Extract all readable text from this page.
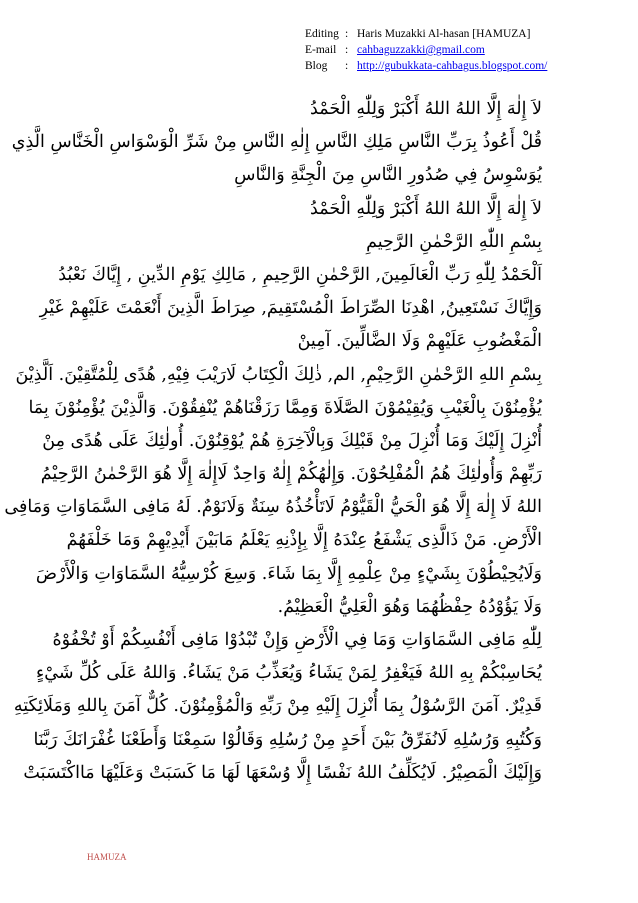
Editing : Haris Muzakki Al-hasan [HAMUZA]
E-mail : cahbaguzzakki@gmail.com
Blog	: http://gubukkata-cahbagus.blogspot.com/
لاَ إِلٰهَ إِلَّا اللهُ اللهُ أَكْبَرْ وَلِلّٰهِ الْحَمْدُ
قُلْ أَعُوذُ بِرَبِّ النَّاسِ مَلِكِ النَّاسِ إِلٰهِ النَّاسِ مِنْ شَرِّ الْوَسْوَاسِ الْخَنَّاسِ الَّذِي
يُوَسْوِسُ فِي صُدُورِ النَّاسِ مِنَ الْجِنَّةِ وَالنَّاسِ
لاَ إِلٰهَ إِلَّا اللهُ اللهُ أَكْبَرْ وَلِلّٰهِ الْحَمْدُ
بِسْمِ اللّٰهِ الرَّحْمٰنِ الرَّحِيمِ
اَلْحَمْدُ لِلّٰهِ رَبِّ الْعَالَمِينَ, الرَّحْمٰنِ الرَّحِيمِ , مَالِكِ يَوْمِ الدِّينِ , إِيَّاكَ نَعْبُدُ
وَإِيَّاكَ نَسْتَعِينُ, اهْدِنَا الصِّرَاطَ الْمُسْتَقِيمَ, صِرَاطَ الَّذِينَ أَنْعَمْتَ عَلَيْهِمْ غَيْرِ
الْمَغْضُوبِ عَلَيْهِمْ وَلَا الضَّالِّينَ. آمِينْ
بِسْمِ اللهِ الرَّحْمٰنِ الرَّحِيْمِ, الم, ذٰلِكَ الْكِتَابُ لَارَيْبَ فِيْهِ, هُدًى لِلْمُتَّقِيْنَ. اَلَّذِيْنَ
يُؤْمِنُوْنَ بِالْغَيْبِ وَيُقِيْمُوْنَ الصَّلَاةَ وَمِمَّا رَزَقْنَاهُمْ يُنْفِقُوْنَ. وَالَّذِيْنَ يُؤْمِنُوْنَ بِمَا
أُنْزِلَ إِلَيْكَ وَمَا أُنْزِلَ مِنْ قَبْلِكَ وَبِالْآخِرَةِ هُمْ يُوْقِنُوْنَ. أُولٰئِكَ عَلَى هُدًى مِنْ
رَبِّهِمْ وَأُولٰئِكَ هُمُ الْمُفْلِحُوْنَ. وَإِلٰهُكُمْ إِلٰهٌ وَاحِدٌ لَاإِلٰهَ إِلَّا هُوَ الرَّحْمٰنُ الرَّحِيْمُ
اللهُ لَا إِلٰهَ إِلَّا هُوَ الْحَيُّ الْقَيُّوْمُ لَاتَأْخُذُهُ سِنَةٌ وَلَانَوْمٌ. لَهُ مَافِى السَّمَاوَاتِ وَمَافِى
الْأَرْضِ. مَنْ ذَالَّذِى يَشْفَعُ عِنْدَهُ إِلَّا بِإِذْنِهِ يَعْلَمُ مَابَيْنَ أَيْدِيْهِمْ وَمَا خَلْفَهُمْ
وَلَايُحِيْطُوْنَ بِشَيْءٍ مِنْ عِلْمِهِ إِلَّا بِمَا شَاءَ. وَسِعَ كُرْسِيُّهُ السَّمَاوَاتِ وَالْأَرْضَ
وَلَا يَؤُوْدُهُ حِفْظُهُمَا وَهُوَ الْعَلِيُّ الْعَظِيْمُ.
لِلّٰهِ مَافِى السَّمَاوَاتِ وَمَا فِي الْأَرْضِ وَإِنْ تُبْدُوْا مَافِى أَنْفُسِكُمْ أَوْ تُخْفُوْهُ
يُحَاسِبْكُمْ بِهِ اللهُ فَيَغْفِرُ لِمَنْ يَشَاءُ وَيُعَذِّبُ مَنْ يَشَاءُ. وَاللهُ عَلَى كُلِّ شَيْءٍ
قَدِيْرٌ. آمَنَ الرَّسُوْلُ بِمَا أُنْزِلَ إِلَيْهِ مِنْ رَبِّهِ وَالْمُؤْمِنُوْنَ. كُلٌّ آمَنَ بِاللهِ وَمَلَائِكَتِهِ
وَكُتُبِهِ وَرُسُلِهِ لَانُفَرِّقُ بَيْنَ أَحَدٍ مِنْ رُسُلِهِ وَقَالُوْا سَمِعْنَا وَأَطَعْنَا غُفْرَانَكَ رَبَّنَا
وَإِلَيْكَ الْمَصِيْرُ. لَايُكَلِّفُ اللهُ نَفْسًا إِلَّا وُسْعَهَا لَهَا مَا كَسَبَتْ وَعَلَيْهَا مَااكْتَسَبَتْ
HAMUZA
